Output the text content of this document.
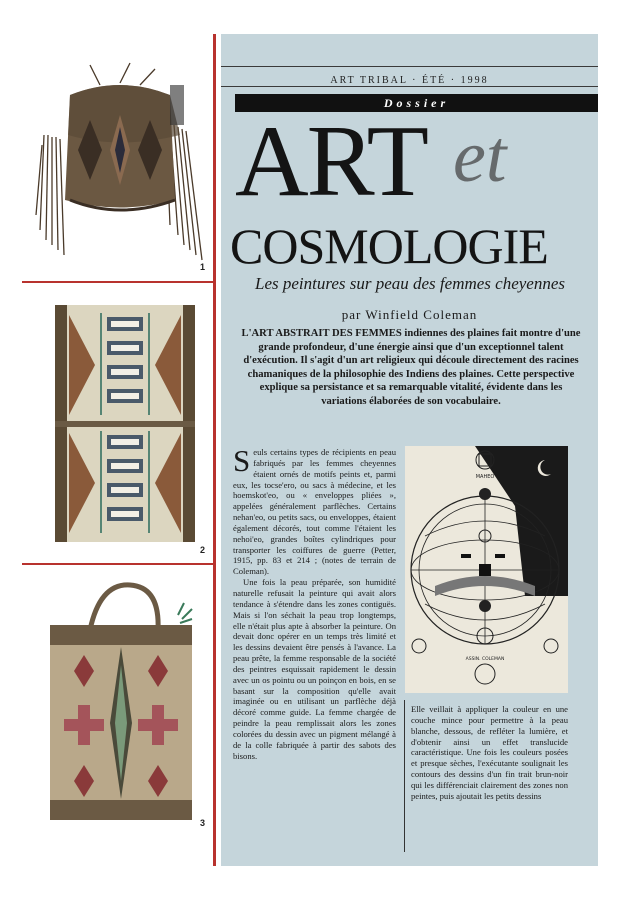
1
2
3
ART TRIBAL · ÉTÉ · 1998
Dossier
ART et
COSMOLOGIE
Les peintures sur peau des femmes cheyennes
par Winfield Coleman
L'ART ABSTRAIT DES FEMMES indiennes des plaines fait montre d'une grande profondeur, d'une énergie ainsi que d'un exceptionnel talent d'exécution. Il s'agit d'un art religieux qui découle directement des racines chamaniques de la philosophie des Indiens des plaines. Cette perspective explique sa persistance et sa remarquable vitalité, évidente dans les variations élaborées de son vocabulaire.

Seuls certains types de récipients en peau fabriqués par les femmes cheyennes étaient ornés de motifs peints et, parmi eux, les tocse'ero, ou sacs à médecine, et les hoemskot'eo, ou « enveloppes pliées », appelées généralement parflèches. Certains nehan'eo, ou petits sacs, ou enveloppes, étaient également décorés, tout comme l'étaient les nehoi'eo, grandes boîtes cylindriques pour transporter les coiffures de guerre (Petter, 1915, pp. 83 et 214 ; (notes de terrain de Coleman).

Une fois la peau préparée, son humidité naturelle refusait la peinture qui avait alors tendance à s'étendre dans les zones contiguës. Mais si l'on séchait la peau trop longtemps, elle n'était plus apte à absorber la peinture. On devait donc opérer en un temps très limité et les dessins devaient être pensés à l'avance. La peau prête, la femme responsable de la société des peintres esquissait rapidement le dessin avec un os pointu ou un poinçon en bois, en se basant sur la composition qu'elle avait imaginée ou en utilisant un parflèche déjà décoré comme guide. La femme chargée de peindre la peau remplissait alors les zones colorées du dessin avec un pigment mélangé à de la colle fabriquée à partir des sabots des bisons.

MAHEO
ASSIN. COLEMAN

Elle veillait à appliquer la couleur en une couche mince pour permettre à la peau blanche, dessous, de refléter la lumière, et d'obtenir ainsi un effet translucide caractéristique. Une fois les couleurs posées et presque sèches, l'exécutante soulignait les contours des dessins d'un fin trait brun-noir qui les différenciait clairement des zones non peintes, puis ajoutait les petits dessins
